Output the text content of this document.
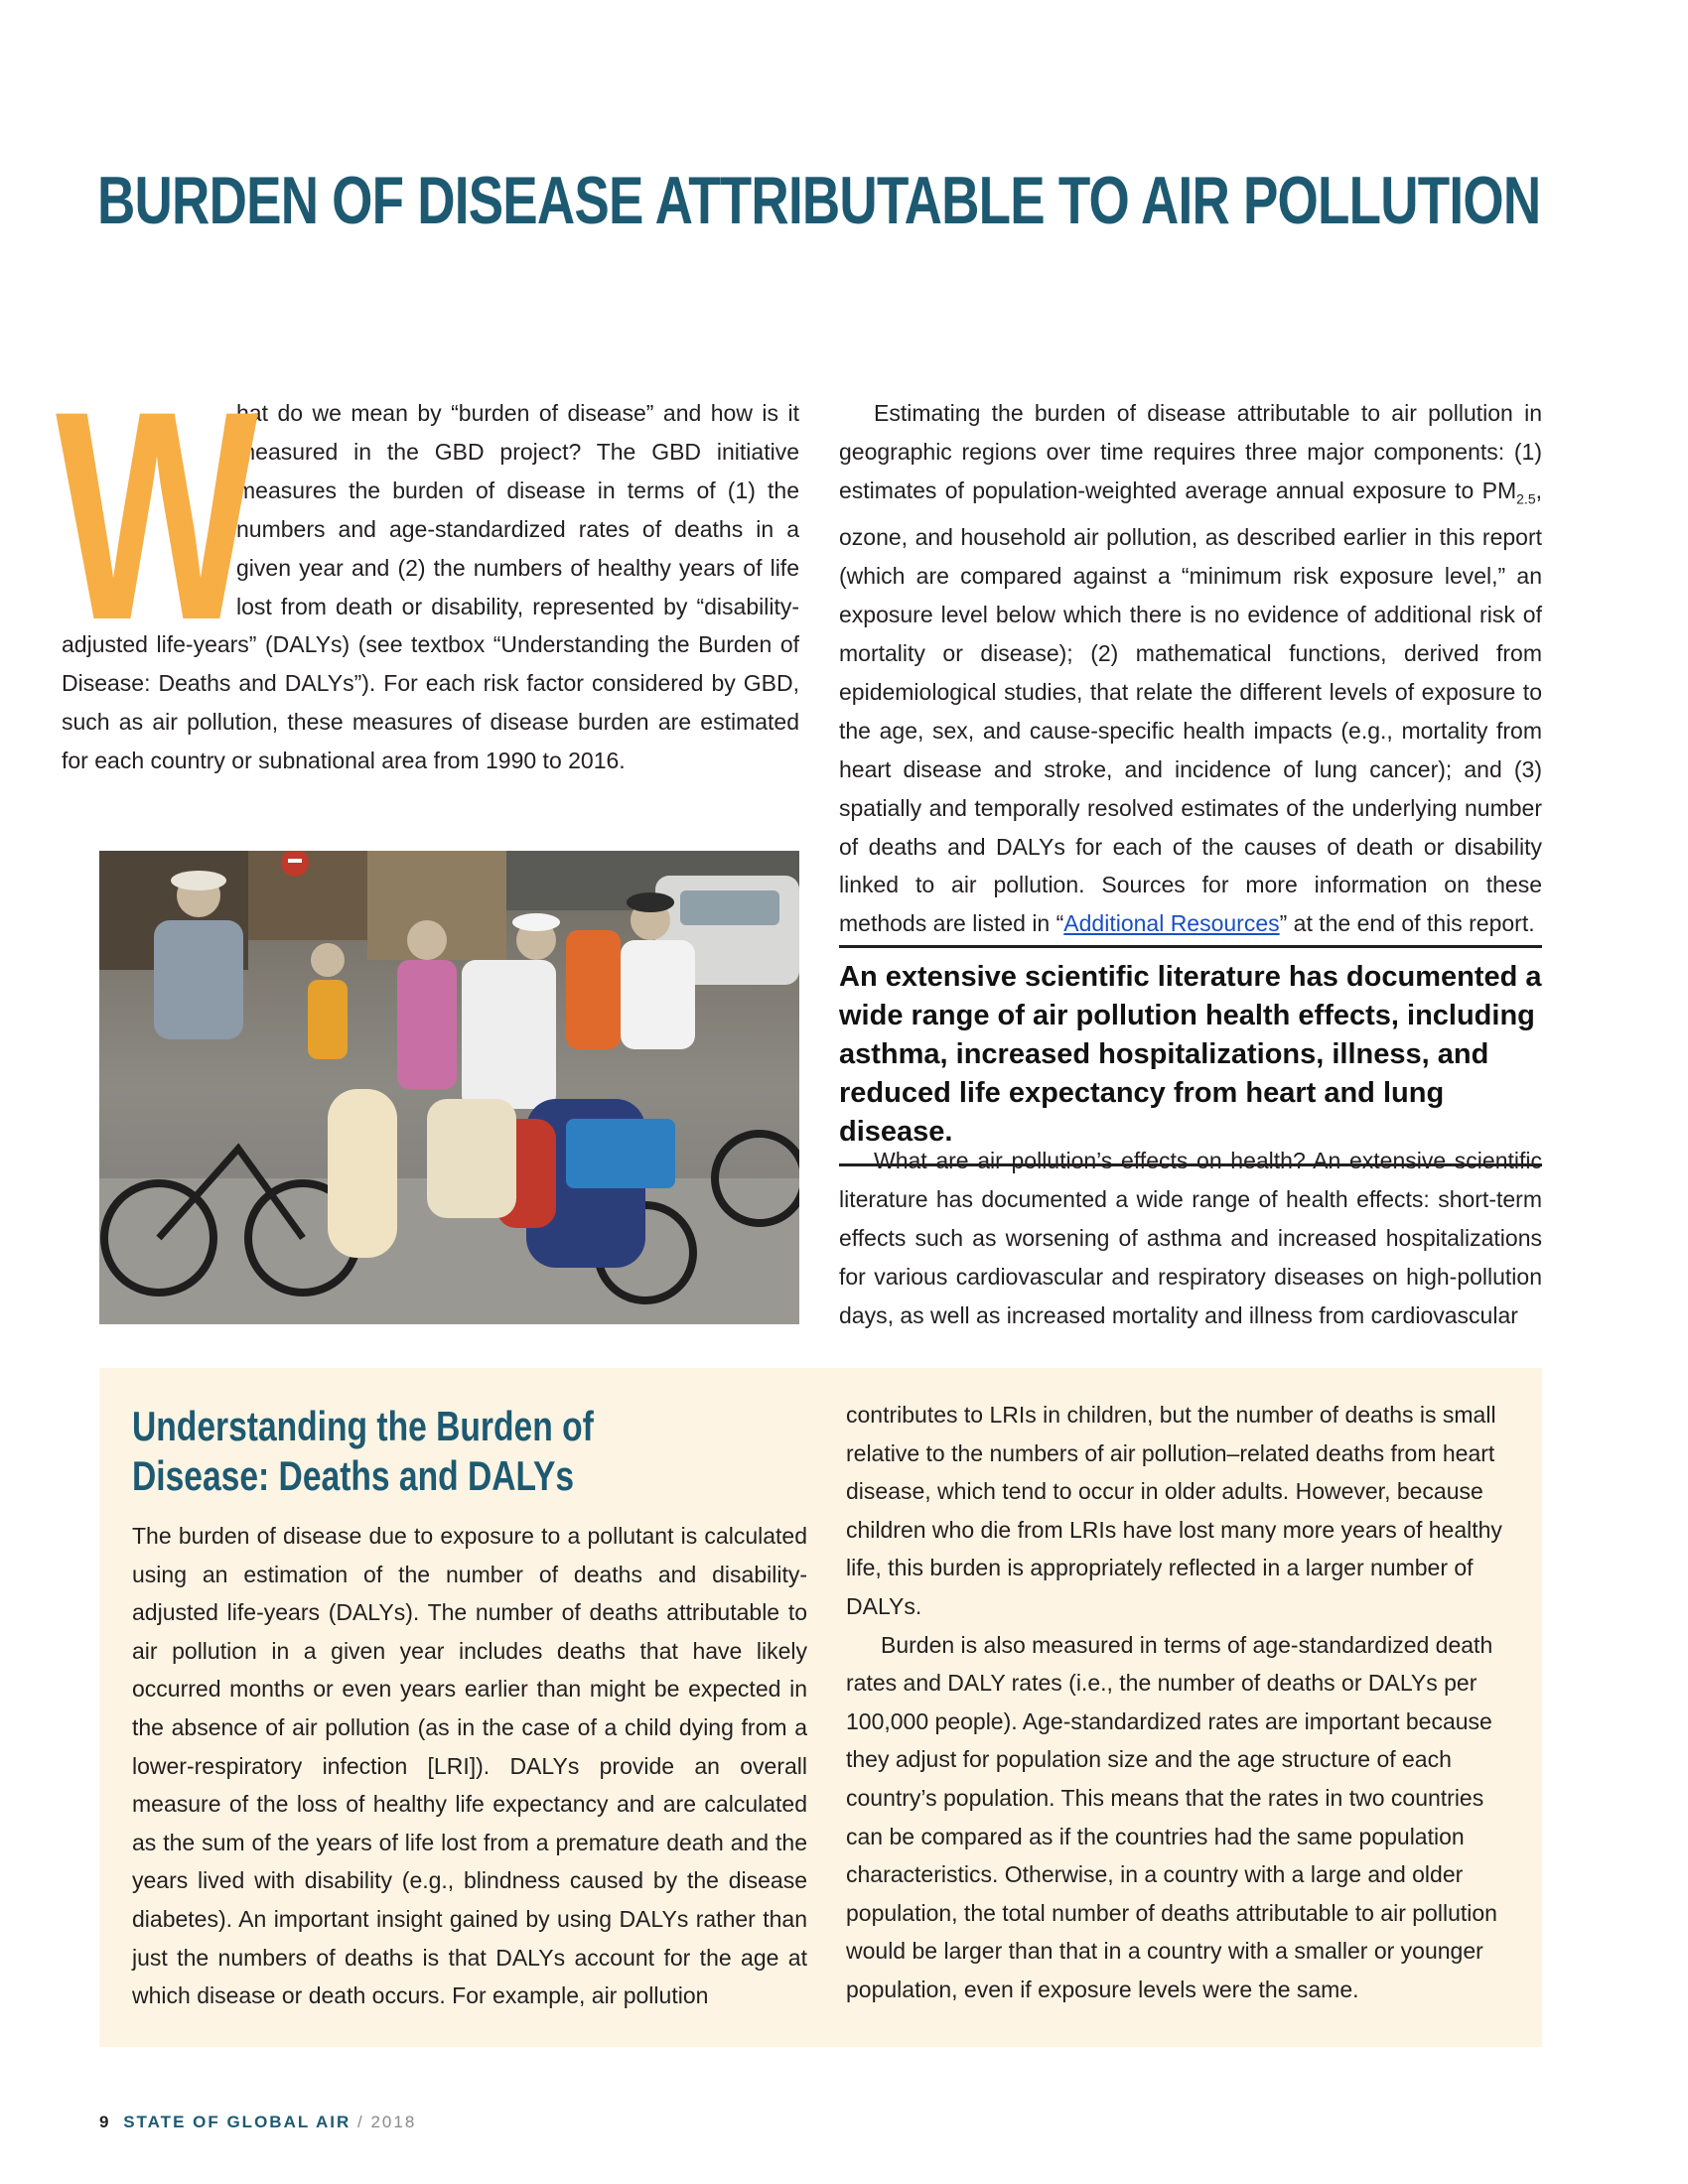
BURDEN OF DISEASE ATTRIBUTABLE TO AIR POLLUTION

W
hat do we mean by “burden of disease” and how is it measured in the GBD project? The GBD initiative measures the burden of disease in terms of (1) the numbers and age-standardized rates of deaths in a given year and (2) the numbers of healthy years of life lost from death or disability, represented by “disability-adjusted life-years” (DALYs) (see textbox “Understanding the Burden of Disease: Deaths and DALYs”). For each risk factor considered by GBD, such as air pollution, these measures of disease burden are estimated for each country or subnational area from 1990 to 2016.

Estimating the burden of disease attributable to air pollution in geographic regions over time requires three major components: (1) estimates of population-weighted average annual exposure to $PM_{2.5}$, ozone, and household air pollution, as described earlier in this report (which are compared against a “minimum risk exposure level,” an exposure level below which there is no evidence of additional risk of mortality or disease); (2) mathematical functions, derived from epidemiological studies, that relate the different levels of exposure to the age, sex, and cause-specific health impacts (e.g., mortality from heart disease and stroke, and incidence of lung cancer); and (3) spatially and temporally resolved estimates of the underlying number of deaths and DALYs for each of the causes of death or disability linked to air pollution. Sources for more information on these methods are listed in “Additional Resources” at the end of this report.

An extensive scientific literature has documented a wide range of air pollution health effects, including asthma, increased hospitalizations, illness, and reduced life expectancy from heart and lung disease.

What are air pollution’s effects on health? An extensive scientific literature has documented a wide range of health effects: short-term effects such as worsening of asthma and increased hospitalizations for various cardiovascular and respiratory diseases on high-pollution days, as well as increased mortality and illness from cardiovascular

Understanding the Burden of Disease: Deaths and DALYs

The burden of disease due to exposure to a pollutant is calculated using an estimation of the number of deaths and disability-adjusted life-years (DALYs). The number of deaths attributable to air pollution in a given year includes deaths that have likely occurred months or even years earlier than might be expected in the absence of air pollution (as in the case of a child dying from a lower-respiratory infection [LRI]). DALYs provide an overall measure of the loss of healthy life expectancy and are calculated as the sum of the years of life lost from a premature death and the years lived with disability (e.g., blindness caused by the disease diabetes). An important insight gained by using DALYs rather than just the numbers of deaths is that DALYs account for the age at which disease or death occurs. For example, air pollution

contributes to LRIs in children, but the number of deaths is small relative to the numbers of air pollution–related deaths from heart disease, which tend to occur in older adults. However, because children who die from LRIs have lost many more years of healthy life, this burden is appropriately reflected in a larger number of DALYs.

Burden is also measured in terms of age-standardized death rates and DALY rates (i.e., the number of deaths or DALYs per 100,000 people). Age-standardized rates are important because they adjust for population size and the age structure of each country’s population. This means that the rates in two countries can be compared as if the countries had the same population characteristics. Otherwise, in a country with a large and older population, the total number of deaths attributable to air pollution would be larger than that in a country with a smaller or younger population, even if exposure levels were the same.

9 STATE OF GLOBAL AIR / 2018
